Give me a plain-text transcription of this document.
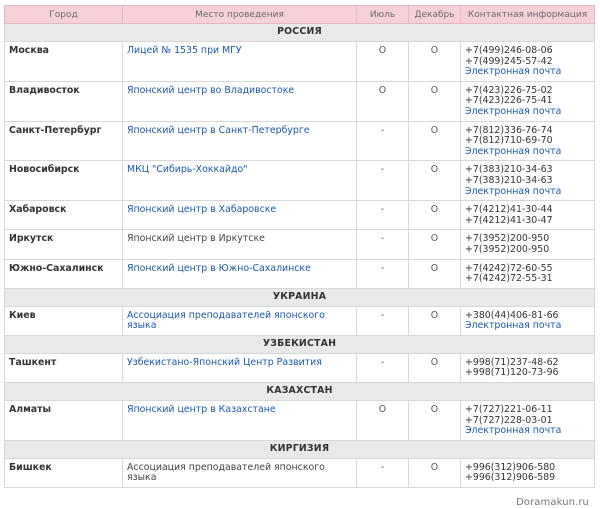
Город	Место проведения	Июль	Декабрь	Контактная информация
РОССИЯ				
Москва	Лицей № 1535 при МГУ	O	O	+7(499)246-08-06
+7(499)245-57-42
Электронная почта

Владивосток	Японский центр во Владивостоке	O	O	+7(423)226-75-02
+7(423)226-75-41
Электронная почта

Санкт-Петербург	Японский центр в Санкт-Петербурге	-	O	+7(812)336-76-74
+7(812)710-69-70
Электронная почта

Новосибирск	МКЦ "Сибирь-Хоккайдо"	-	O	+7(383)210-34-63
+7(383)210-34-63
Электронная почта

Хабаровск	Японский центр в Хабаровске	-	O	+7(4212)41-30-44
+7(4212)41-30-47

Иркутск	Японский центр в Иркутске	-	O	+7(3952)200-950
+7(3952)200-950

Южно-Сахалинск	Японский центр в Южно-Сахалинске	-	O	+7(4242)72-60-55
+7(4242)72-55-31

УКРАИНА				
Киев	Ассоциация преподавателей японского языка	-	O	+380(44)406-81-66
Электронная почта

УЗБЕКИСТАН				
Ташкент	Узбекистано-Японский Центр Развития	-	O	+998(71)237-48-62
+998(71)120-73-96

КАЗАХСТАН				
Алматы	Японский центр в Казахстане	O	O	+7(727)221-06-11
+7(727)228-03-01
Электронная почта

КИРГИЗИЯ				
Бишкек	Ассоциация преподавателей японского языка	-	O	+996(312)906-580
+996(312)906-589
Doramakun.ru
